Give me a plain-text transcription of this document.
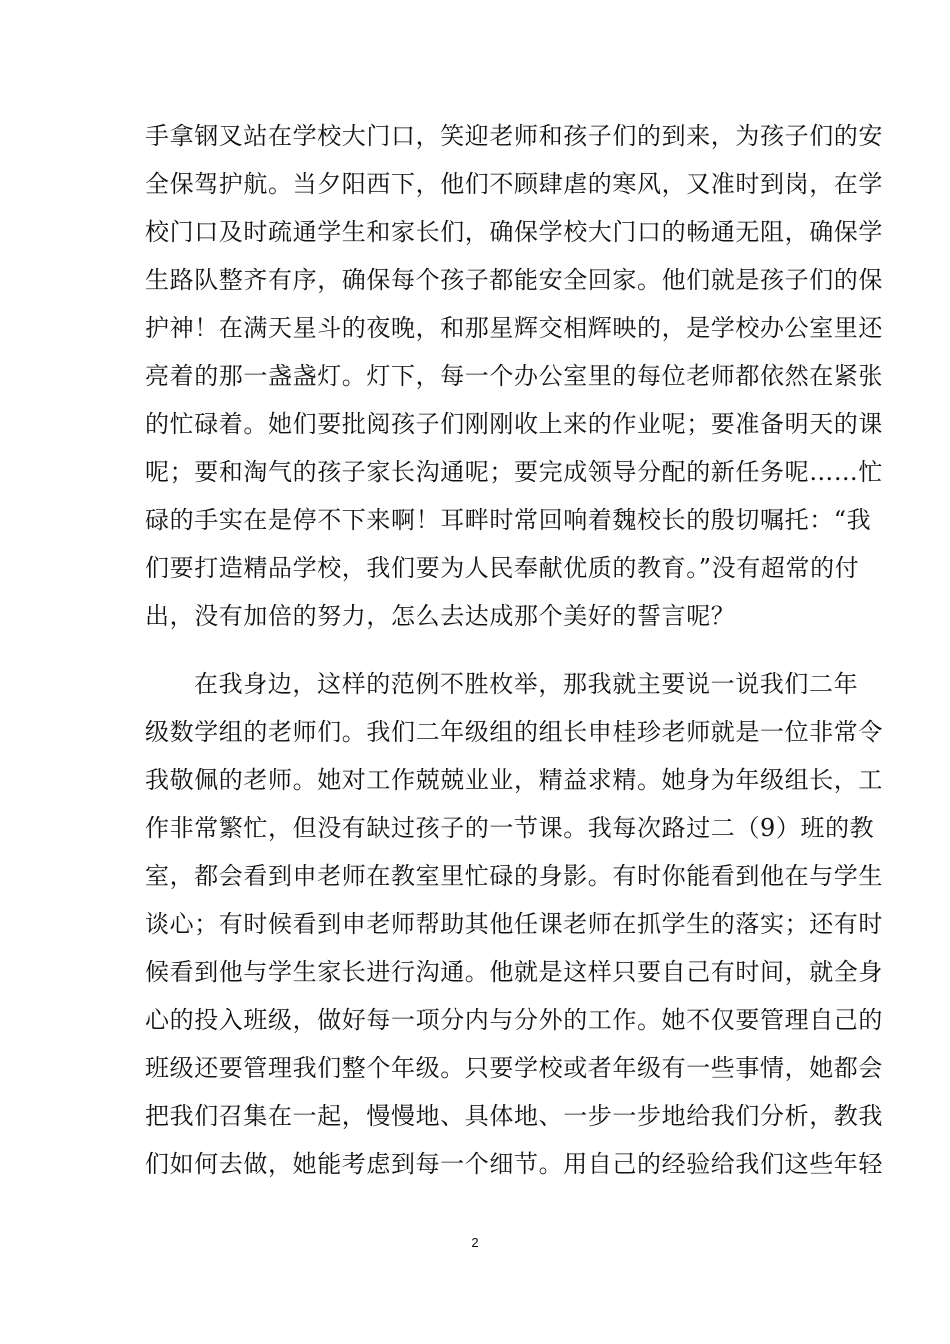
手拿钢叉站在学校大门口，笑迎老师和孩子们的到来，为孩子们的安
全保驾护航。当夕阳西下，他们不顾肆虐的寒风，又准时到岗，在学
校门口及时疏通学生和家长们，确保学校大门口的畅通无阻，确保学
生路队整齐有序，确保每个孩子都能安全回家。他们就是孩子们的保
护神！在满天星斗的夜晚，和那星辉交相辉映的，是学校办公室里还
亮着的那一盏盏灯。灯下，每一个办公室里的每位老师都依然在紧张
的忙碌着。她们要批阅孩子们刚刚收上来的作业呢；要准备明天的课
呢；要和淘气的孩子家长沟通呢；要完成领导分配的新任务呢……忙
碌的手实在是停不下来啊！耳畔时常回响着魏校长的殷切嘱托：“我
们要打造精品学校，我们要为人民奉献优质的教育。”没有超常的付
出，没有加倍的努力，怎么去达成那个美好的誓言呢？
在我身边，这样的范例不胜枚举，那我就主要说一说我们二年
级数学组的老师们。我们二年级组的组长申桂珍老师就是一位非常令
我敬佩的老师。她对工作兢兢业业，精益求精。她身为年级组长，工
作非常繁忙，但没有缺过孩子的一节课。我每次路过二（9）班的教
室，都会看到申老师在教室里忙碌的身影。有时你能看到他在与学生
谈心；有时候看到申老师帮助其他任课老师在抓学生的落实；还有时
候看到他与学生家长进行沟通。他就是这样只要自己有时间，就全身
心的投入班级，做好每一项分内与分外的工作。她不仅要管理自己的
班级还要管理我们整个年级。只要学校或者年级有一些事情，她都会
把我们召集在一起，慢慢地、具体地、一步一步地给我们分析，教我
们如何去做，她能考虑到每一个细节。用自己的经验给我们这些年轻
2
